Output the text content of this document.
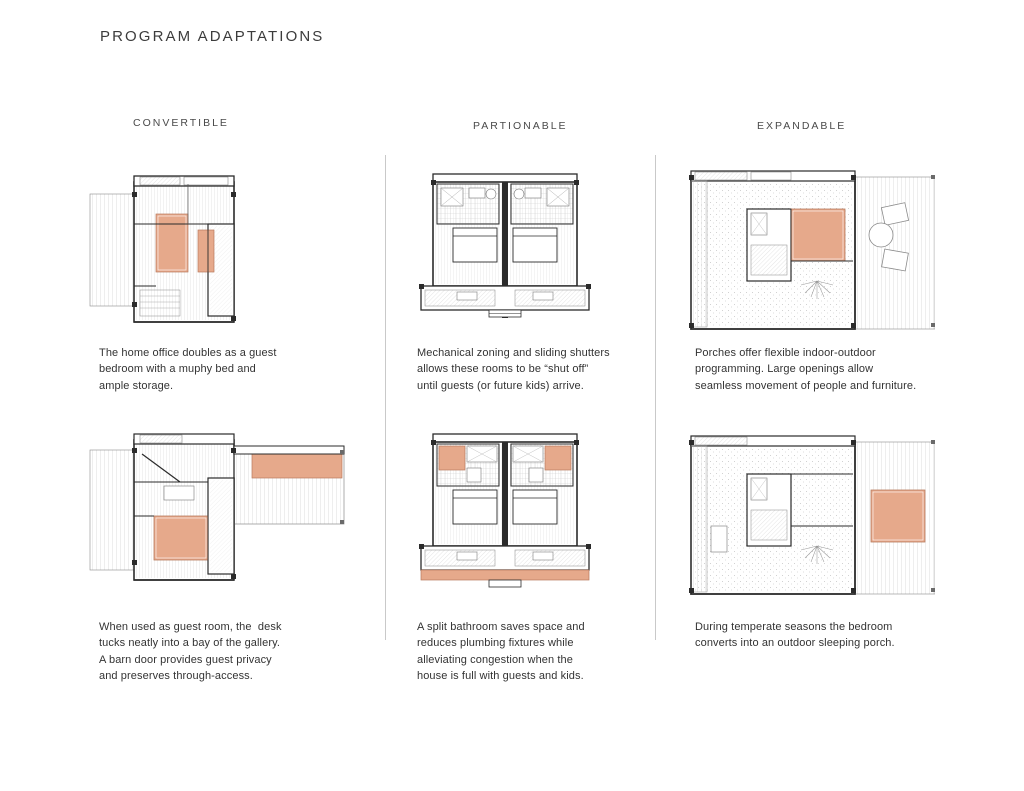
PROGRAM ADAPTATIONS
CONVERTIBLE	PARTIONABLE	EXPANDABLE
The home office doubles as a guest
bedroom with a muphy bed and
ample storage.
Mechanical zoning and sliding shutters
allows these rooms to be “shut off”
until guests (or future kids) arrive.
Porches offer flexible indoor-outdoor
programming. Large openings allow
seamless movement of people and furniture.
When used as guest room, the  desk
tucks neatly into a bay of the gallery.
A barn door provides guest privacy
and preserves through-access.
A split bathroom saves space and
reduces plumbing fixtures while
alleviating congestion when the
house is full with guests and kids.
During temperate seasons the bedroom
converts into an outdoor sleeping porch.
